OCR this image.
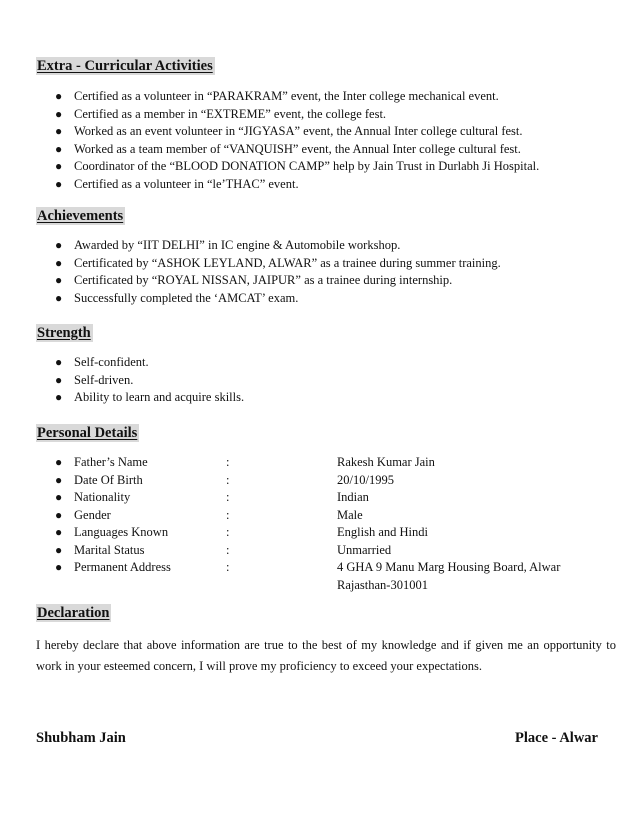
Extra - Curricular Activities
● Certified as a volunteer in “PARAKRAM” event, the Inter college mechanical event.
● Certified as a member in “EXTREME” event, the college fest.
● Worked as an event volunteer in “JIGYASA” event, the Annual Inter college cultural fest.
● Worked as a team member of “VANQUISH” event, the Annual Inter college cultural fest.
● Coordinator of the “BLOOD DONATION CAMP” help by Jain Trust in Durlabh Ji Hospital.
● Certified as a volunteer in “le’THAC” event.
Achievements
● Awarded by “IIT DELHI” in IC engine & Automobile workshop.
● Certificated by “ASHOK LEYLAND, ALWAR” as a trainee during summer training.
● Certificated by “ROYAL NISSAN, JAIPUR” as a trainee during internship.
● Successfully completed the ‘AMCAT’ exam.
Strength
● Self-confident.
● Self-driven.
● Ability to learn and acquire skills.
Personal Details
● Father’s Name	:	Rakesh Kumar Jain
● Date Of Birth	:	20/10/1995
● Nationality	:	Indian
● Gender	:	Male
● Languages Known	:	English and Hindi
● Marital Status	:	Unmarried
● Permanent Address	:	4 GHA 9 Manu Marg Housing Board, Alwar
Rajasthan-301001
Declaration
I hereby declare that above information are true to the best of my knowledge and if given me an opportunity to work in your esteemed concern, I will prove my proficiency to exceed your expectations.
Shubham Jain	Place - Alwar
